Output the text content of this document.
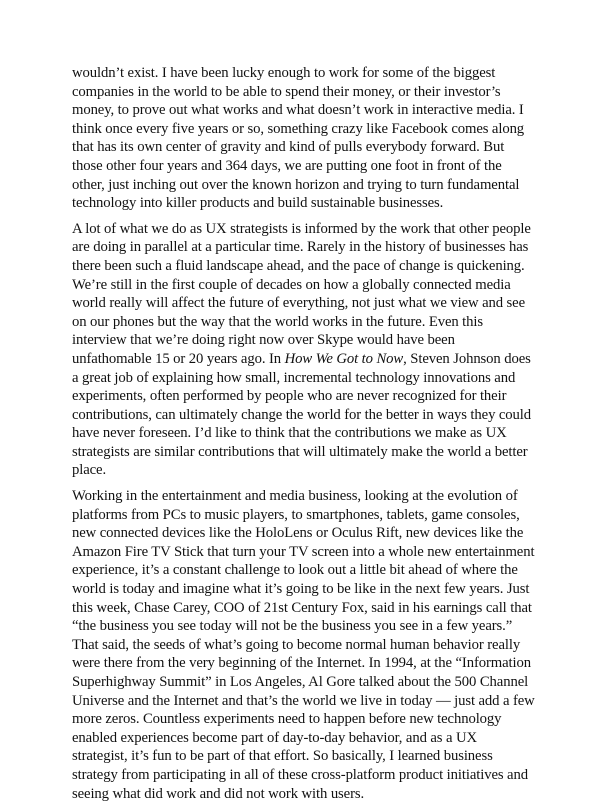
wouldn’t exist. I have been lucky enough to work for some of the biggest companies in the world to be able to spend their money, or their investor’s money, to prove out what works and what doesn’t work in interactive media. I think once every five years or so, something crazy like Facebook comes along that has its own center of gravity and kind of pulls everybody forward. But those other four years and 364 days, we are putting one foot in front of the other, just inching out over the known horizon and trying to turn fundamental technology into killer products and build sustainable businesses.

A lot of what we do as UX strategists is informed by the work that other people are doing in parallel at a particular time. Rarely in the history of businesses has there been such a fluid landscape ahead, and the pace of change is quickening. We’re still in the first couple of decades on how a globally connected media world really will affect the future of everything, not just what we view and see on our phones but the way that the world works in the future. Even this interview that we’re doing right now over Skype would have been unfathomable 15 or 20 years ago. In How We Got to Now, Steven Johnson does a great job of explaining how small, incremental technology innovations and experiments, often performed by people who are never recognized for their contributions, can ultimately change the world for the better in ways they could have never foreseen. I’d like to think that the contributions we make as UX strategists are similar contributions that will ultimately make the world a better place.

Working in the entertainment and media business, looking at the evolution of platforms from PCs to music players, to smartphones, tablets, game consoles, new connected devices like the HoloLens or Oculus Rift, new devices like the Amazon Fire TV Stick that turn your TV screen into a whole new entertainment experience, it’s a constant challenge to look out a little bit ahead of where the world is today and imagine what it’s going to be like in the next few years. Just this week, Chase Carey, COO of 21st Century Fox, said in his earnings call that “the business you see today will not be the business you see in a few years.” That said, the seeds of what’s going to become normal human behavior really were there from the very beginning of the Internet. In 1994, at the “Information Superhighway Summit” in Los Angeles, Al Gore talked about the 500 Channel Universe and the Internet and that’s the world we live in today — just add a few more zeros. Countless experiments need to happen before new technology enabled experiences become part of day-to-day behavior, and as a UX strategist, it’s fun to be part of that effort. So basically, I learned business strategy from participating in all of these cross-platform product initiatives and seeing what did work and did not work with users.
